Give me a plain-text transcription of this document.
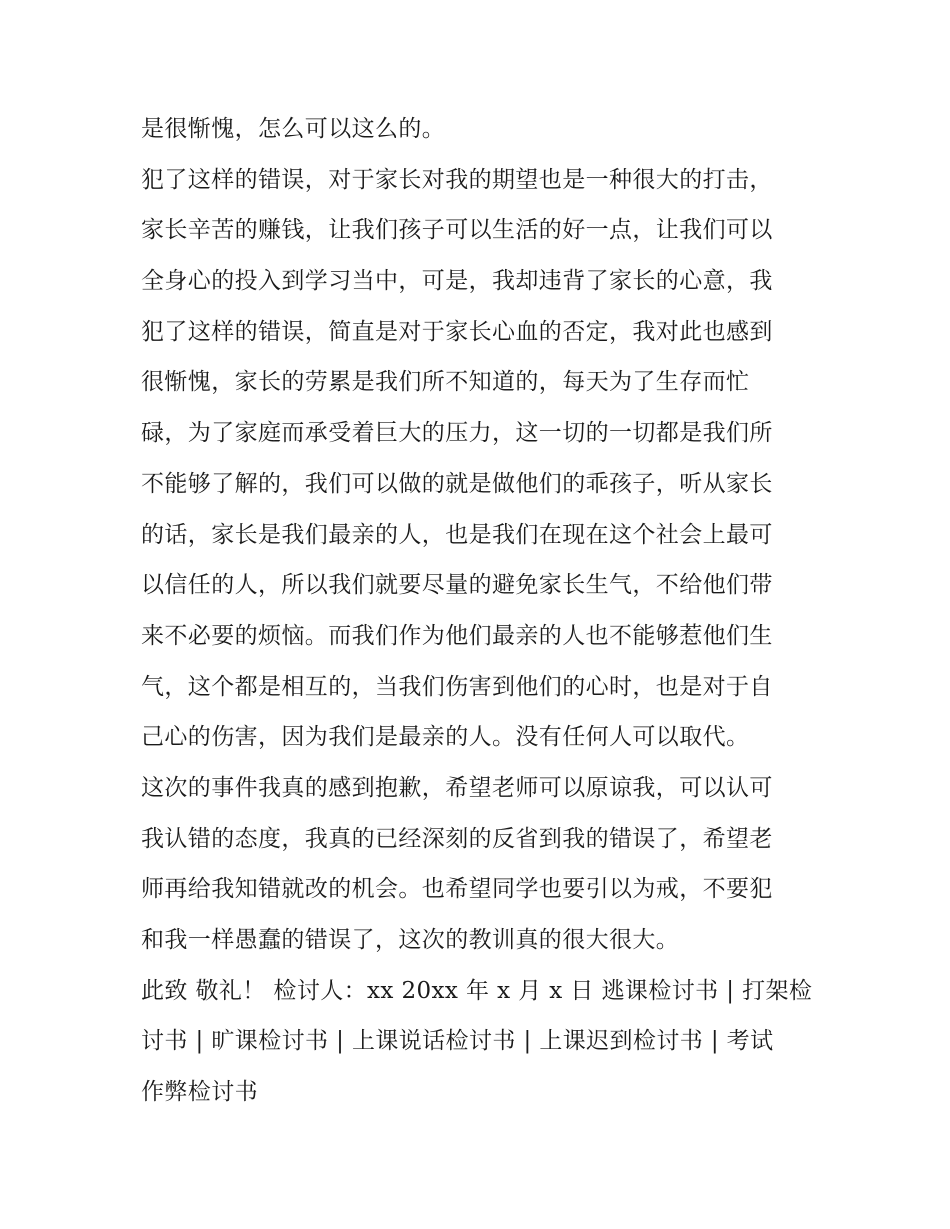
是很惭愧，怎么可以这么的。
犯了这样的错误，对于家长对我的期望也是一种很大的打击，
家长辛苦的赚钱，让我们孩子可以生活的好一点，让我们可以
全身心的投入到学习当中，可是，我却违背了家长的心意，我
犯了这样的错误，简直是对于家长心血的否定，我对此也感到
很惭愧，家长的劳累是我们所不知道的，每天为了生存而忙
碌，为了家庭而承受着巨大的压力，这一切的一切都是我们所
不能够了解的，我们可以做的就是做他们的乖孩子，听从家长
的话，家长是我们最亲的人，也是我们在现在这个社会上最可
以信任的人，所以我们就要尽量的避免家长生气，不给他们带
来不必要的烦恼。而我们作为他们最亲的人也不能够惹他们生
气，这个都是相互的，当我们伤害到他们的心时，也是对于自
己心的伤害，因为我们是最亲的人。没有任何人可以取代。
这次的事件我真的感到抱歉，希望老师可以原谅我，可以认可
我认错的态度，我真的已经深刻的反省到我的错误了，希望老
师再给我知错就改的机会。也希望同学也要引以为戒，不要犯
和我一样愚蠢的错误了，这次的教训真的很大很大。
此致 敬礼！ 检讨人：xx 20xx 年 x 月 x 日 逃课检讨书 | 打架检
讨书 | 旷课检讨书 | 上课说话检讨书 | 上课迟到检讨书 | 考试
作弊检讨书
